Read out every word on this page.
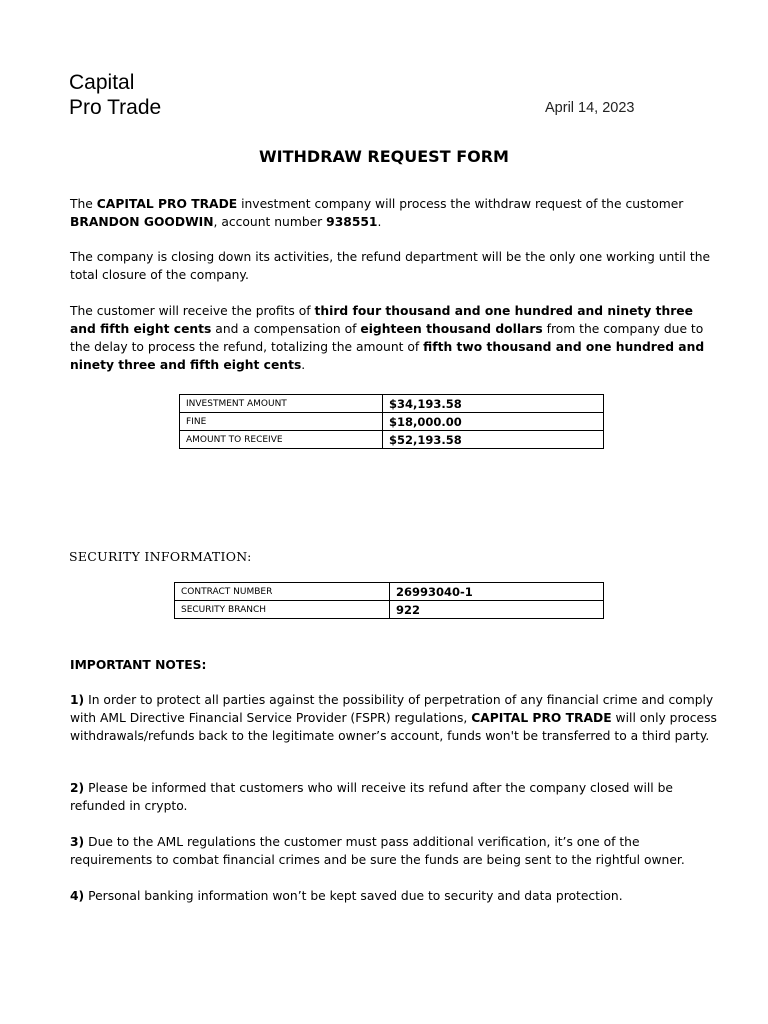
Capital
Pro Trade	April 14, 2023
WITHDRAW REQUEST FORM
The CAPITAL PRO TRADE investment company will process the withdraw request of the customer BRANDON GOODWIN, account number 938551.
The company is closing down its activities, the refund department will be the only one working until the total closure of the company.
The customer will receive the profits of third four thousand and one hundred and ninety three and fifth eight cents and a compensation of eighteen thousand dollars from the company due to the delay to process the refund, totalizing the amount of fifth two thousand and one hundred and ninety three and fifth eight cents.
INVESTMENT AMOUNT	$34,193.58
FINE	$18,000.00
AMOUNT TO RECEIVE	$52,193.58
SECURITY INFORMATION:
CONTRACT NUMBER	26993040-1
SECURITY BRANCH	922
IMPORTANT NOTES:
1) In order to protect all parties against the possibility of perpetration of any financial crime and comply with AML Directive Financial Service Provider (FSPR) regulations, CAPITAL PRO TRADE will only process withdrawals/refunds back to the legitimate owner’s account, funds won't be transferred to a third party.
2) Please be informed that customers who will receive its refund after the company closed will be refunded in crypto.
3) Due to the AML regulations the customer must pass additional verification, it’s one of the requirements to combat financial crimes and be sure the funds are being sent to the rightful owner.
4) Personal banking information won’t be kept saved due to security and data protection.
